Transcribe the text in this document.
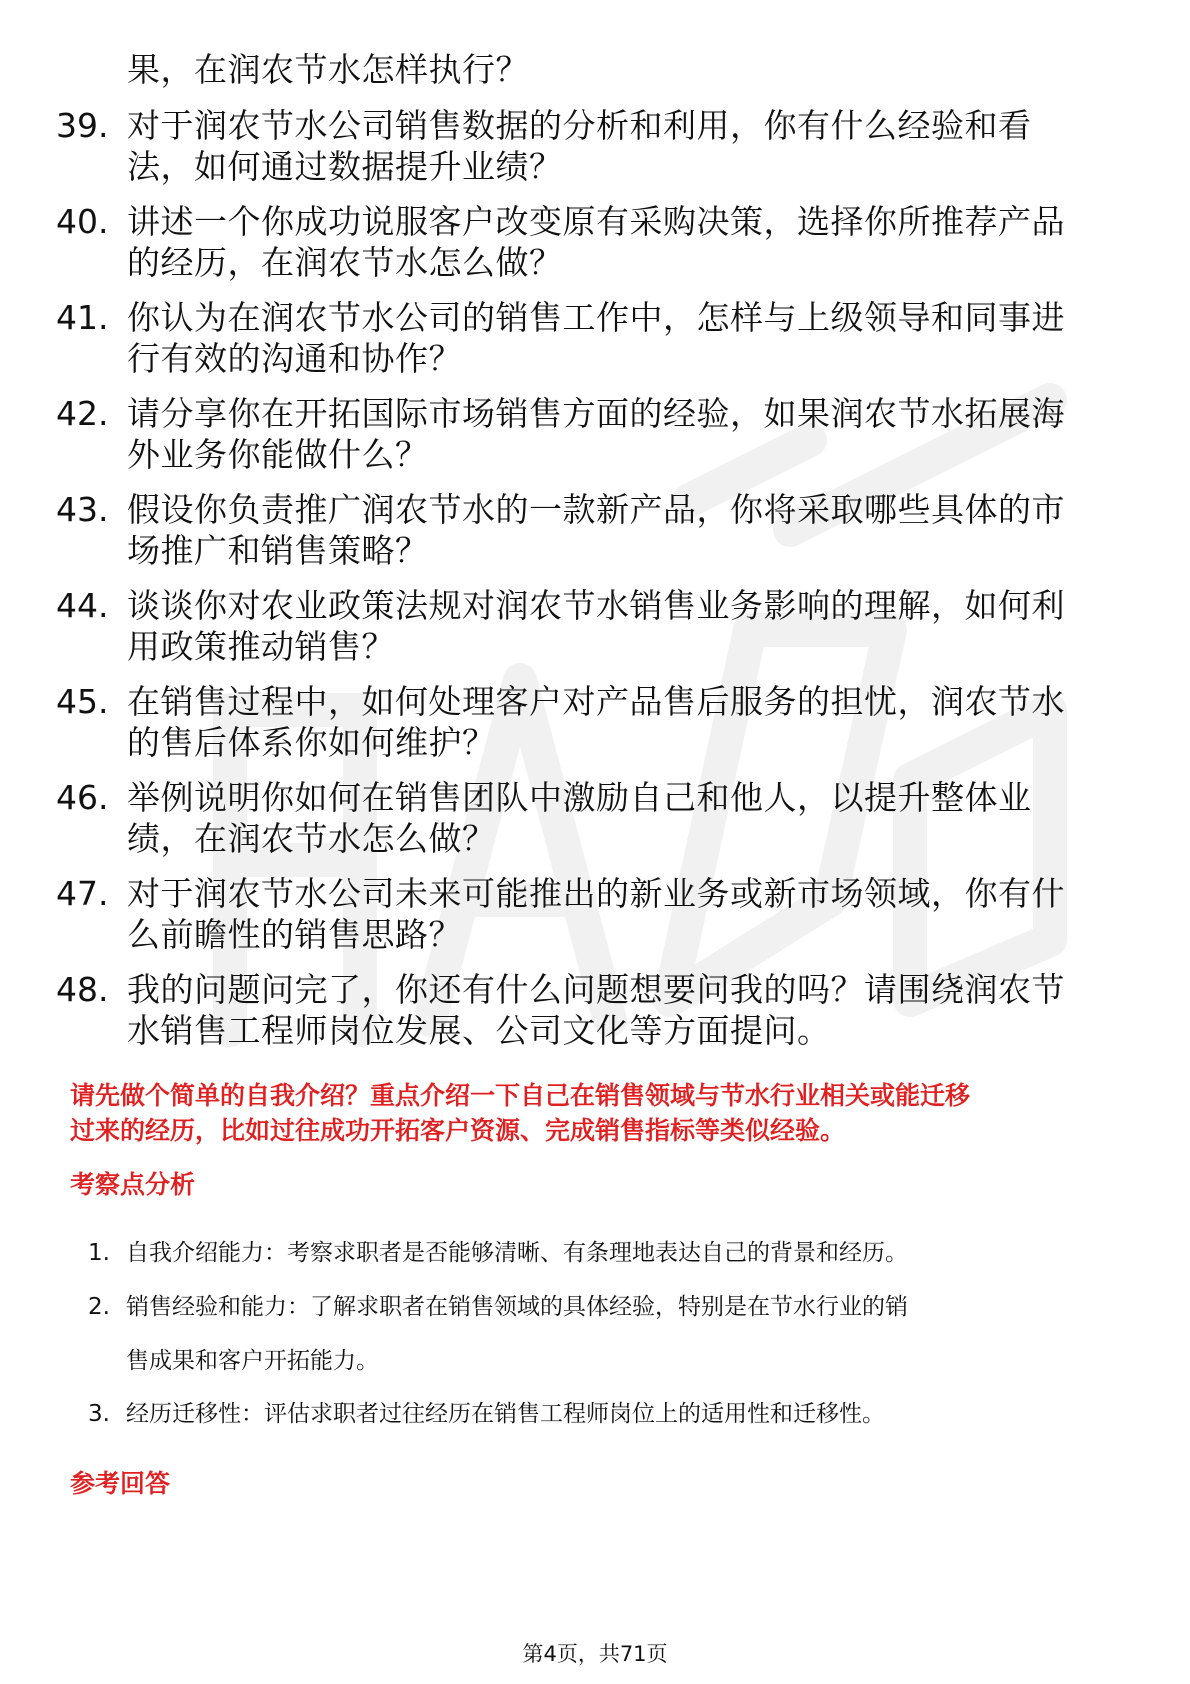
果，在润农节水怎样执行？
39. 对于润农节水公司销售数据的分析和利用，你有什么经验和看
法，如何通过数据提升业绩？
40. 讲述一个你成功说服客户改变原有采购决策，选择你所推荐产品
的经历，在润农节水怎么做？
41. 你认为在润农节水公司的销售工作中，怎样与上级领导和同事进
行有效的沟通和协作？
42. 请分享你在开拓国际市场销售方面的经验，如果润农节水拓展海
外业务你能做什么？
43. 假设你负责推广润农节水的一款新产品，你将采取哪些具体的市
场推广和销售策略？
44. 谈谈你对农业政策法规对润农节水销售业务影响的理解，如何利
用政策推动销售？
45. 在销售过程中，如何处理客户对产品售后服务的担忧，润农节水
的售后体系你如何维护？
46. 举例说明你如何在销售团队中激励自己和他人，以提升整体业
绩，在润农节水怎么做？
47. 对于润农节水公司未来可能推出的新业务或新市场领域，你有什
么前瞻性的销售思路？
48. 我的问题问完了，你还有什么问题想要问我的吗？请围绕润农节
水销售工程师岗位发展、公司文化等方面提问。
请先做个简单的自我介绍？重点介绍一下自己在销售领域与节水行业相关或能迁移
过来的经历，比如过往成功开拓客户资源、完成销售指标等类似经验。
考察点分析
1. 自我介绍能力：考察求职者是否能够清晰、有条理地表达自己的背景和经历。
2. 销售经验和能力：了解求职者在销售领域的具体经验，特别是在节水行业的销
售成果和客户开拓能力。
3. 经历迁移性：评估求职者过往经历在销售工程师岗位上的适用性和迁移性。
参考回答
第4页，共71页
